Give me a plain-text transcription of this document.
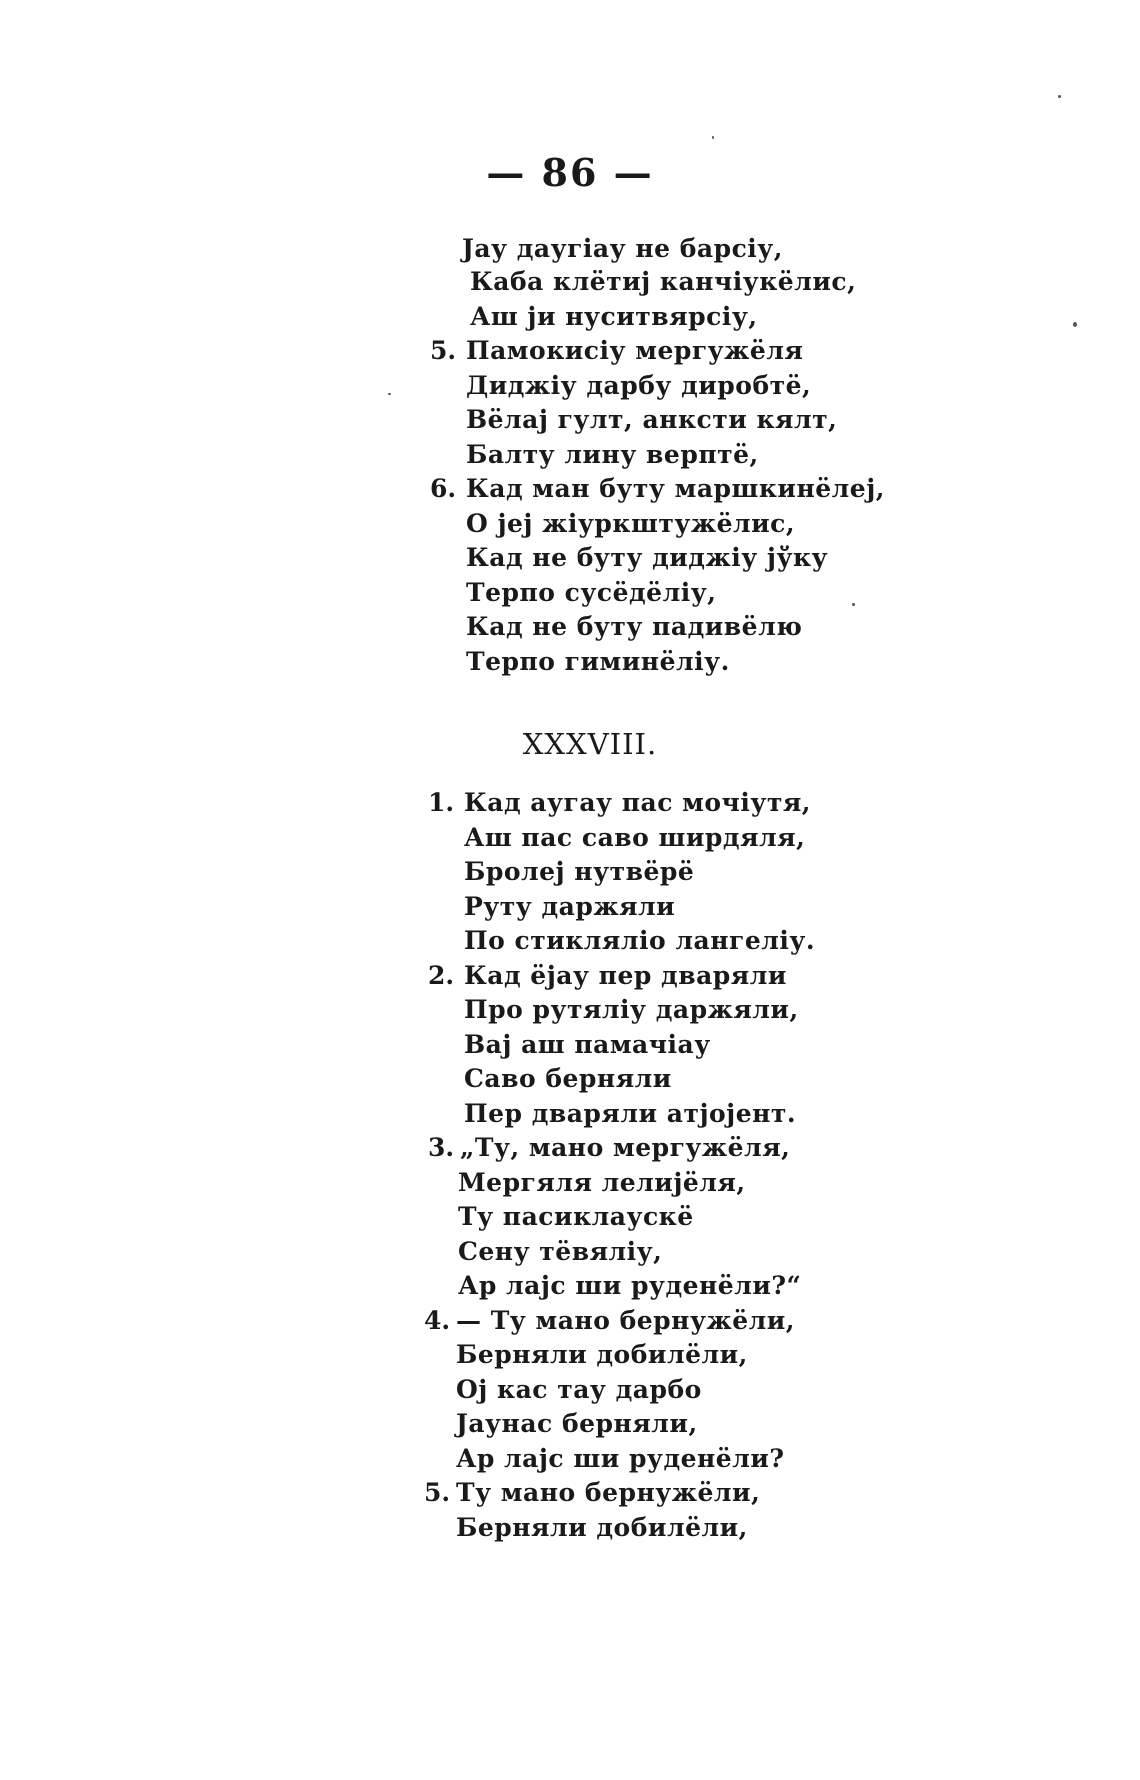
— 86 —
Јау даугіау не барсіу,
Каба клётиј канчіукёлис,
Аш ји нуситвярсіу,
5. Памокисіу мергужёля
Диджіу дарбу диробтё,
Вёлај гулт, анксти кялт,
Балту лину верптё,
6. Кад ман буту маршкинёлеј,
О јеј жіуркштужёлис,
Кад не буту диджіу јўку
Терпо сусёдёліу,
Кад не буту падивёлю
Терпо гиминёліу.
XXXVIII.
1. Кад аугау пас мочіутя,
Аш пас саво ширдяля,
Бролеј нутвёрё
Руту даржяли
По стикляліо лангеліу.
2. Кад ёјау пер дваряли
Про рутяліу даржяли,
Вај аш памачіау
Саво берняли
Пер дваряли атјојент.
3. „Ту, мано мергужёля,
Мергяля лелијёля,
Ту пасиклаускё
Сену тёвяліу,
Ар лајс ши руденёли?“
4. — Ту мано бернужёли,
Берняли добилёли,
Ој кас тау дарбо
Јаунас берняли,
Ар лајс ши руденёли?
5. Ту мано бернужёли,
Берняли добилёли,
